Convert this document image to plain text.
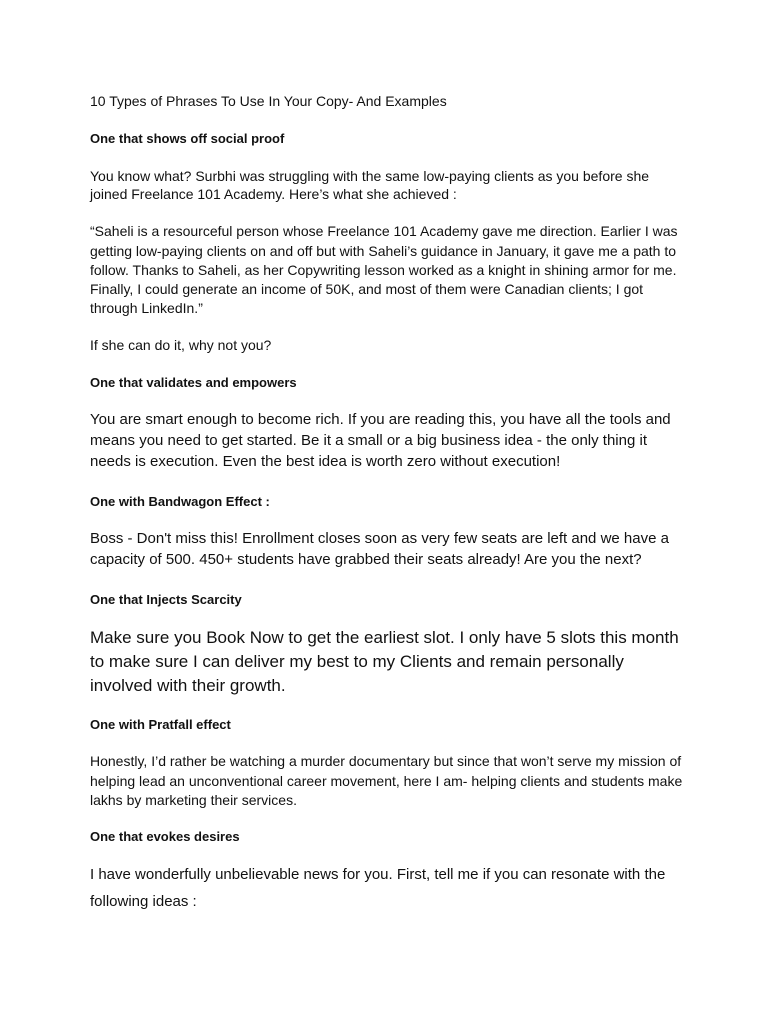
10 Types of Phrases To Use In Your Copy- And Examples

One that shows off social proof

You know what? Surbhi was struggling with the same low-paying clients as you before she

joined Freelance 101 Academy. Here’s what she achieved :

“Saheli is a resourceful person whose Freelance 101 Academy gave me direction. Earlier I was

getting low-paying clients on and off but with Saheli’s guidance in January, it gave me a path to

follow. Thanks to Saheli, as her Copywriting lesson worked as a knight in shining armor for me.

Finally, I could generate an income of 50K, and most of them were Canadian clients; I got

through LinkedIn.”

If she can do it, why not you?

One that validates and empowers

You are smart enough to become rich. If you are reading this, you have all the tools and

means you need to get started. Be it a small or a big business idea - the only thing it

needs is execution. Even the best idea is worth zero without execution!

One with Bandwagon Effect :

Boss - Don't miss this! Enrollment closes soon as very few seats are left and we have a

capacity of 500. 450+ students have grabbed their seats already! Are you the next?

One that Injects Scarcity

Make sure you Book Now to get the earliest slot. I only have 5 slots this month

to make sure I can deliver my best to my Clients and remain personally

involved with their growth.

One with Pratfall effect

Honestly, I’d rather be watching a murder documentary but since that won’t serve my mission of

helping lead an unconventional career movement, here I am- helping clients and students make

lakhs by marketing their services.

One that evokes desires

I have wonderfully unbelievable news for you. First, tell me if you can resonate with the

following ideas :
